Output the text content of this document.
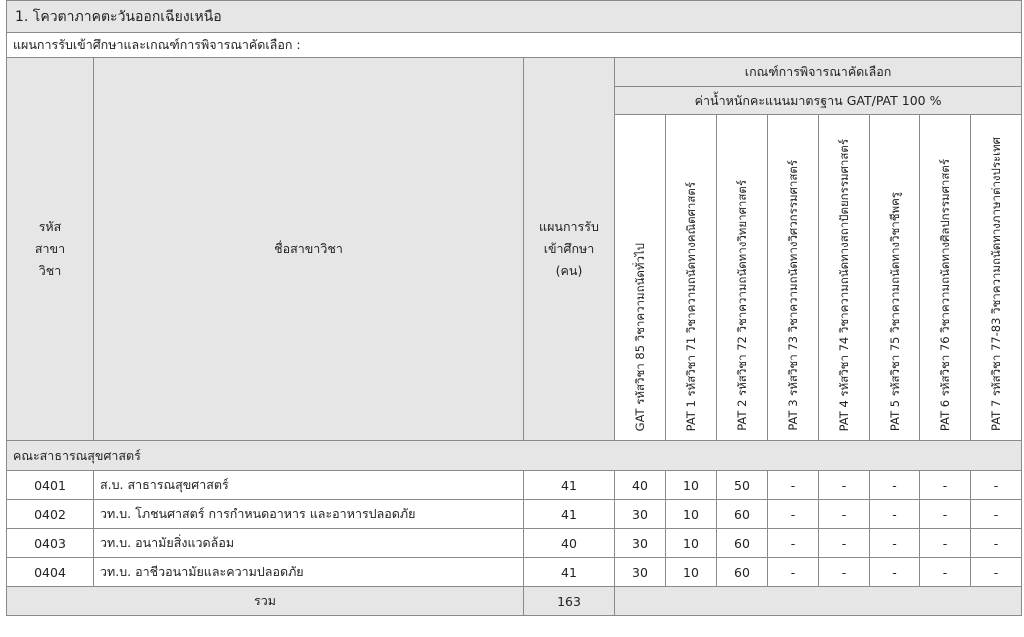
1. โควตาภาคตะวันออกเฉียงเหนือ										
แผนการรับเข้าศึกษาและเกณฑ์การพิจารณาคัดเลือก :										

รหัส สาขาวิชา	ชื่อสาขาวิชา	แผนการรับ เข้าศึกษา (คน)	เกณฑ์การพิจารณาคัดเลือก							
			ค่าน้ำหนักคะแนนมาตรฐาน GAT/PAT 100 %							
			GAT รหัสวิชา 85 วิชาความถนัดทั่วไป	PAT 1 รหัสวิชา 71 วิชาความถนัดทางคณิตศาสตร์	PAT 2 รหัสวิชา 72 วิชาความถนัดทางวิทยาศาสตร์	PAT 3 รหัสวิชา 73 วิชาความถนัดทางวิศวกรรมศาสตร์	PAT 4 รหัสวิชา 74 วิชาความถนัดทางสถาปัตยกรรมศาสตร์	PAT 5 รหัสวิชา 75 วิชาความถนัดทางวิชาชีพครู	PAT 6 รหัสวิชา 76 วิชาความถนัดทางศิลปกรรมศาสตร์	PAT 7 รหัสวิชา 77-83 วิชาความถนัดทางภาษาต่างประเทศ
คณะสาธารณสุขศาสตร์										
0401	ส.บ. สาธารณสุขศาสตร์	41	40	10	50	-	-	-	-	-
0402	วท.บ. โภชนศาสตร์ การกำหนดอาหาร และอาหารปลอดภัย	41	30	10	60	-	-	-	-	-
0403	วท.บ. อนามัยสิ่งแวดล้อม	40	30	10	60	-	-	-	-	-
0404	วท.บ. อาชีวอนามัยและความปลอดภัย	41	30	10	60	-	-	-	-	-
รวม		163								
